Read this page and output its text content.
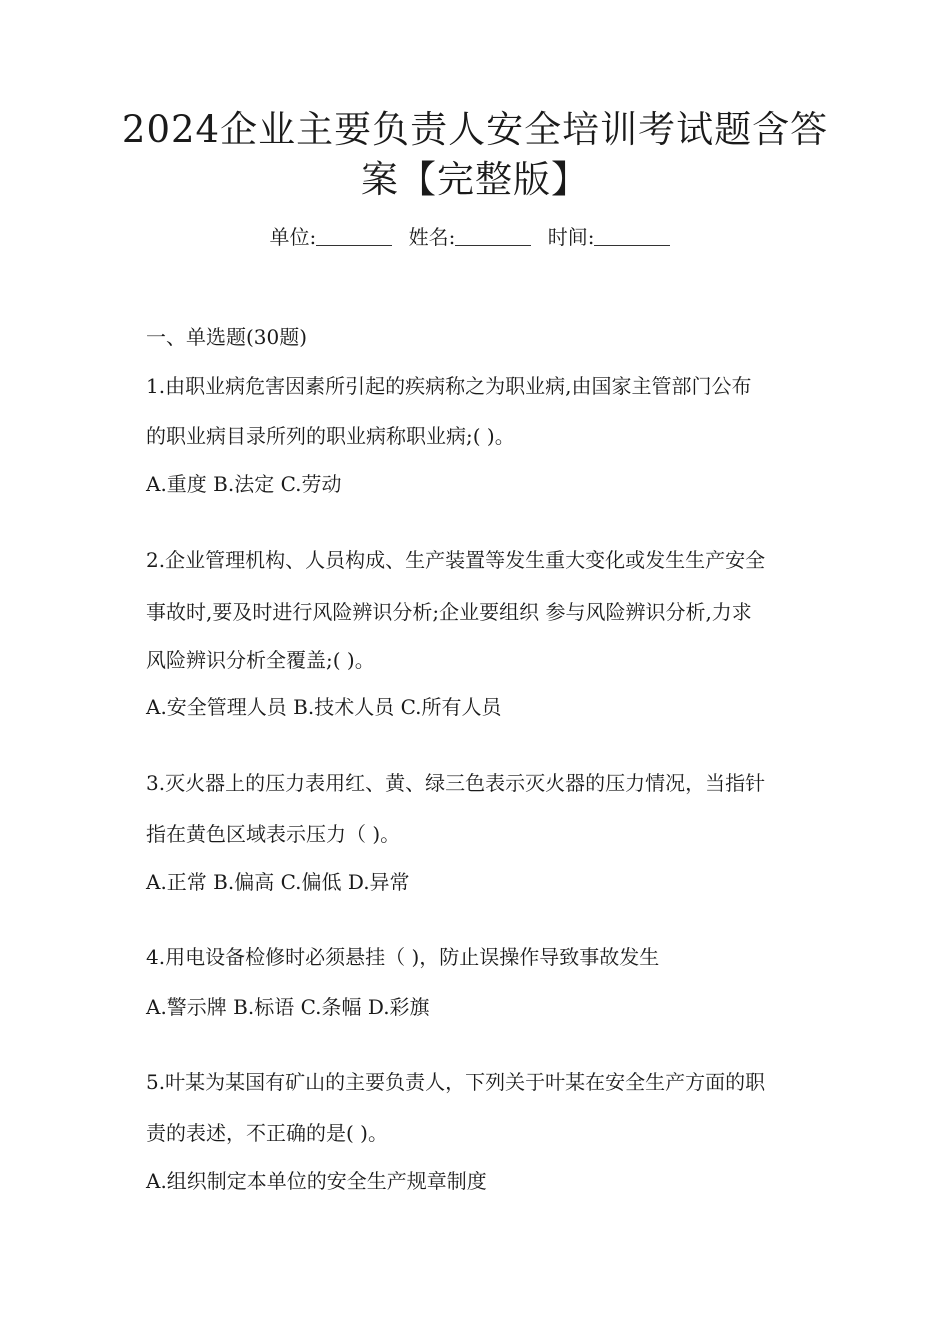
2024企业主要负责人安全培训考试题含答
案【完整版】
单位:	姓名:	时间:
一、单选题(30题)
1.由职业病危害因素所引起的疾病称之为职业病,由国家主管部门公布
的职业病目录所列的职业病称职业病;( )。
A.重度 B.法定 C.劳动
2.企业管理机构、人员构成、生产装置等发生重大变化或发生生产安全
事故时,要及时进行风险辨识分析;企业要组织 参与风险辨识分析,力求
风险辨识分析全覆盖;( )。
A.安全管理人员 B.技术人员 C.所有人员
3.灭火器上的压力表用红、黄、绿三色表示灭火器的压力情况，当指针
指在黄色区域表示压力（ )。
A.正常 B.偏高 C.偏低 D.异常
4.用电设备检修时必须悬挂（ )，防止误操作导致事故发生
A.警示牌 B.标语 C.条幅 D.彩旗
5.叶某为某国有矿山的主要负责人，下列关于叶某在安全生产方面的职
责的表述，不正确的是( )。
A.组织制定本单位的安全生产规章制度
